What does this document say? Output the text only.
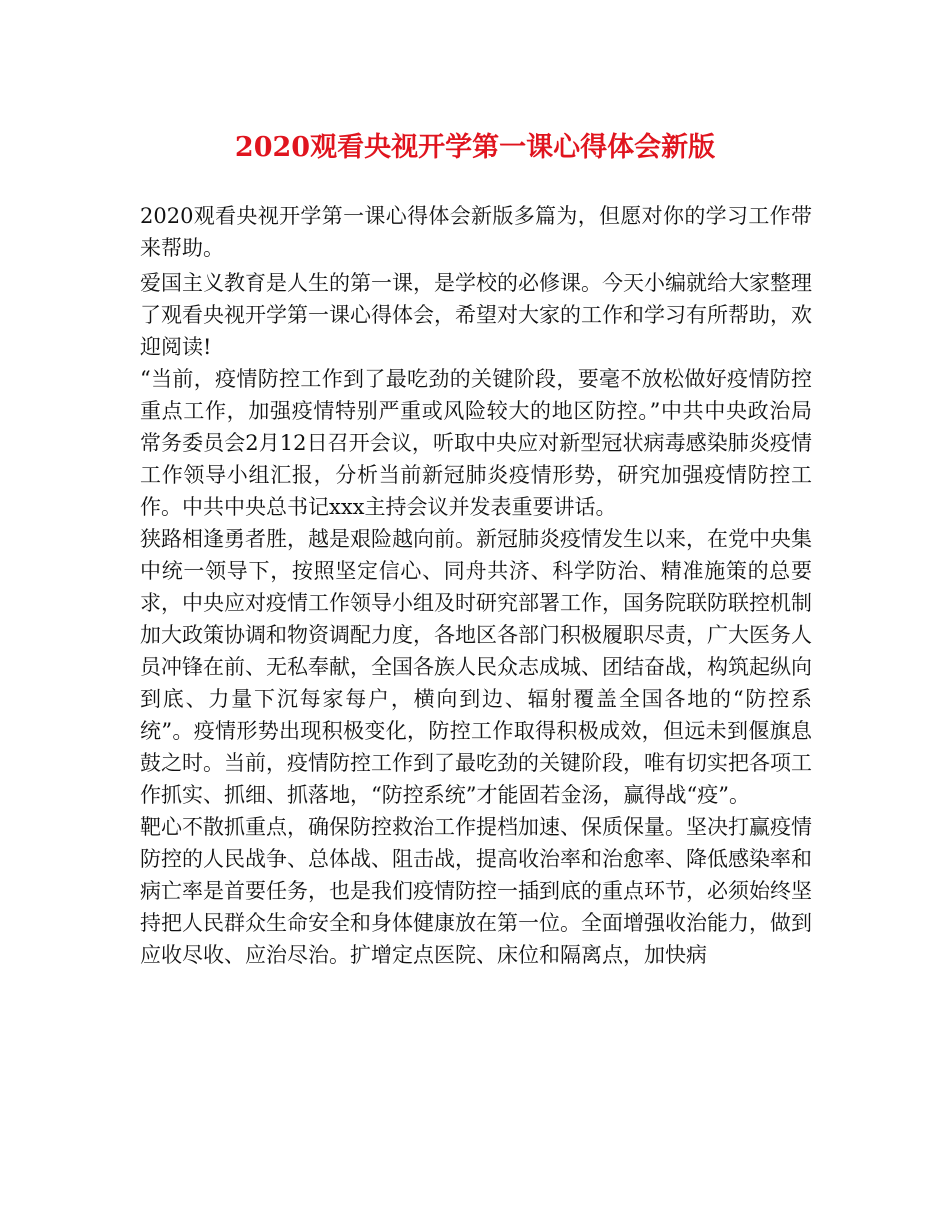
2020观看央视开学第一课心得体会新版

2020观看央视开学第一课心得体会新版多篇为，但愿对你的学习工作带来帮助。

爱国主义教育是人生的第一课，是学校的必修课。今天小编就给大家整理了观看央视开学第一课心得体会，希望对大家的工作和学习有所帮助，欢迎阅读!

“当前，疫情防控工作到了最吃劲的关键阶段，要毫不放松做好疫情防控重点工作，加强疫情特别严重或风险较大的地区防控。”中共中央政治局常务委员会2月12日召开会议，听取中央应对新型冠状病毒感染肺炎疫情工作领导小组汇报，分析当前新冠肺炎疫情形势，研究加强疫情防控工作。中共中央总书记xxx主持会议并发表重要讲话。

狭路相逢勇者胜，越是艰险越向前。新冠肺炎疫情发生以来，在党中央集中统一领导下，按照坚定信心、同舟共济、科学防治、精准施策的总要求，中央应对疫情工作领导小组及时研究部署工作，国务院联防联控机制加大政策协调和物资调配力度，各地区各部门积极履职尽责，广大医务人员冲锋在前、无私奉献，全国各族人民众志成城、团结奋战，构筑起纵向到底、力量下沉每家每户，横向到边、辐射覆盖全国各地的“防控系统”。疫情形势出现积极变化，防控工作取得积极成效，但远未到偃旗息鼓之时。当前，疫情防控工作到了最吃劲的关键阶段，唯有切实把各项工作抓实、抓细、抓落地，“防控系统”才能固若金汤，赢得战“疫”。

靶心不散抓重点，确保防控救治工作提档加速、保质保量。坚决打赢疫情防控的人民战争、总体战、阻击战，提高收治率和治愈率、降低感染率和病亡率是首要任务，也是我们疫情防控一插到底的重点环节，必须始终坚持把人民群众生命安全和身体健康放在第一位。全面增强收治能力，做到应收尽收、应治尽治。扩增定点医院、床位和隔离点，加快病
